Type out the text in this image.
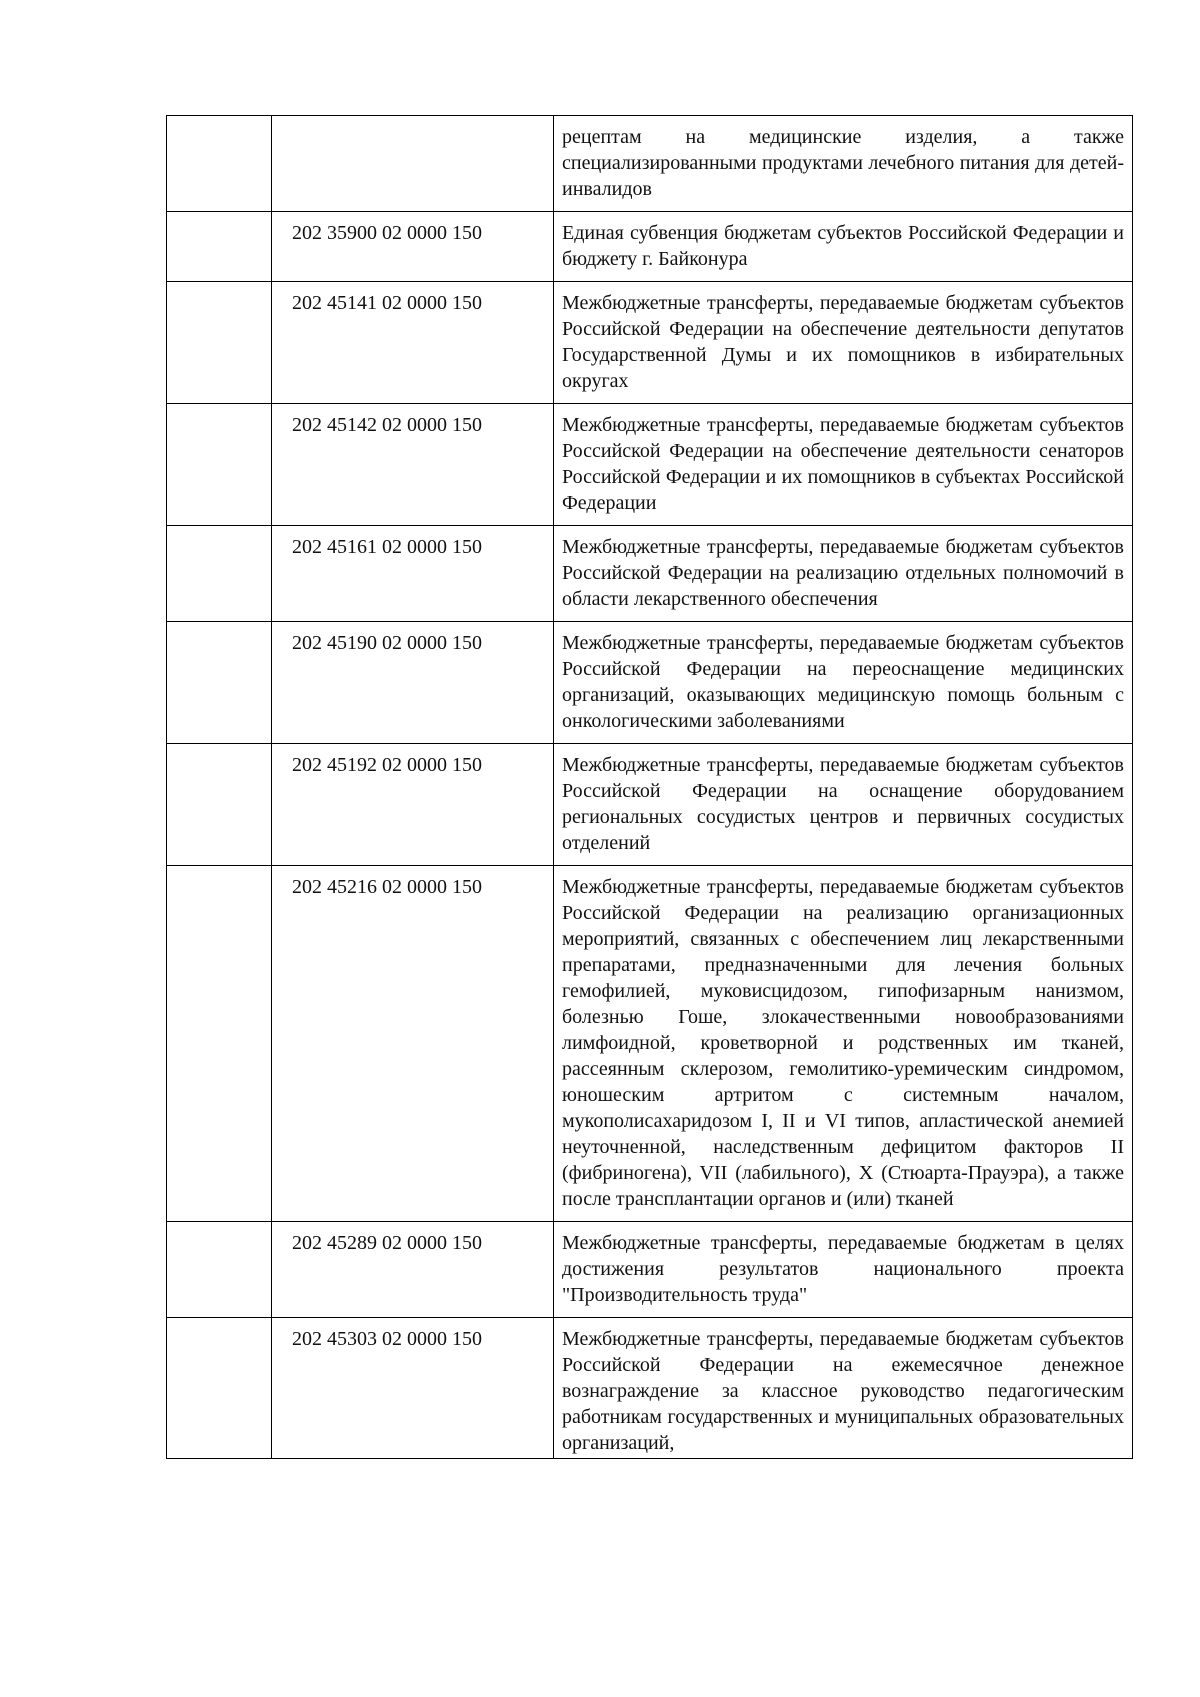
		рецептам на медицинские изделия, а также специализированными продуктами лечебного питания для детей-инвалидов
	202 35900 02 0000 150	Единая субвенция бюджетам субъектов Российской Федерации и бюджету г. Байконура
	202 45141 02 0000 150	Межбюджетные трансферты, передаваемые бюджетам субъектов Российской Федерации на обеспечение деятельности депутатов Государственной Думы и их помощников в избирательных округах
	202 45142 02 0000 150	Межбюджетные трансферты, передаваемые бюджетам субъектов Российской Федерации на обеспечение деятельности сенаторов Российской Федерации и их помощников в субъектах Российской Федерации
	202 45161 02 0000 150	Межбюджетные трансферты, передаваемые бюджетам субъектов Российской Федерации на реализацию отдельных полномочий в области лекарственного обеспечения
	202 45190 02 0000 150	Межбюджетные трансферты, передаваемые бюджетам субъектов Российской Федерации на переоснащение медицинских организаций, оказывающих медицинскую помощь больным с онкологическими заболеваниями
	202 45192 02 0000 150	Межбюджетные трансферты, передаваемые бюджетам субъектов Российской Федерации на оснащение оборудованием региональных сосудистых центров и первичных сосудистых отделений
	202 45216 02 0000 150	Межбюджетные трансферты, передаваемые бюджетам субъектов Российской Федерации на реализацию организационных мероприятий, связанных с обеспечением лиц лекарственными препаратами, предназначенными для лечения больных гемофилией, муковисцидозом, гипофизарным нанизмом, болезнью Гоше, злокачественными новообразованиями лимфоидной, кроветворной и родственных им тканей, рассеянным склерозом, гемолитико-уремическим синдромом, юношеским артритом с системным началом, мукополисахаридозом I, II и VI типов, апластической анемией неуточненной, наследственным дефицитом факторов II (фибриногена), VII (лабильного), X (Стюарта-Прауэра), а также после трансплантации органов и (или) тканей
	202 45289 02 0000 150	Межбюджетные трансферты, передаваемые бюджетам в целях достижения результатов национального проекта "Производительность труда"
	202 45303 02 0000 150	Межбюджетные трансферты, передаваемые бюджетам субъектов Российской Федерации на ежемесячное денежное вознаграждение за классное руководство педагогическим работникам государственных и муниципальных образовательных организаций,
